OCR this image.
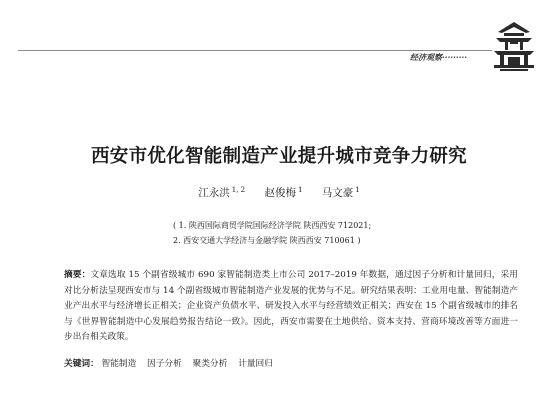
经济观察·········
西安市优化智能制造产业提升城市竞争力研究
江永洪 $^{1, 2}$ 赵俊梅 $^1$ 马文豪 $^1$
( 1. 陕西国际商贸学院国际经济学院 陕西西安 712021;
2. 西安交通大学经济与金融学院 陕西西安 710061 )
摘要：文章选取 15 个副省级城市 690 家智能制造类上市公司 2017–2019 年数据，通过因子分析和计量回归，采用对比分析法呈现西安市与 14 个副省级城市智能制造产业发展的优势与不足。研究结果表明：工业用电量、智能制造产业产出水平与经济增长正相关；企业资产负债水平、研发投入水平与经营绩效正相关；西安在 15 个副省级城市的排名与《世界智能制造中心发展趋势报告结论一致》。因此，西安市需要在土地供给、资本支持、营商环境改善等方面进一步出台相关政策。
关键词： 智能制造 因子分析 聚类分析 计量回归
